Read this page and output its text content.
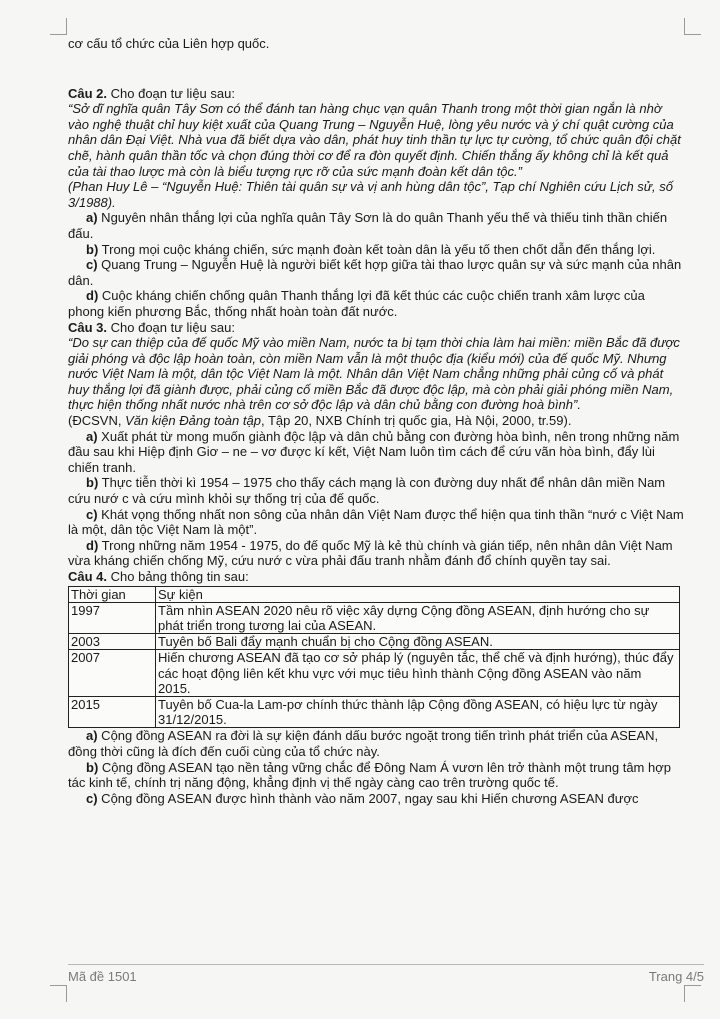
cơ cấu tổ chức của Liên hợp quốc.

Câu 2. Cho đoạn tư liệu sau:

“Sở dĩ nghĩa quân Tây Sơn có thể đánh tan hàng chục vạn quân Thanh trong một thời gian ngắn là nhờ vào nghệ thuật chỉ huy kiệt xuất của Quang Trung – Nguyễn Huệ, lòng yêu nước và ý chí quật cường của nhân dân Đại Việt. Nhà vua đã biết dựa vào dân, phát huy tinh thần tự lực tự cường, tổ chức quân đội chặt chẽ, hành quân thần tốc và chọn đúng thời cơ để ra đòn quyết định. Chiến thắng ấy không chỉ là kết quả của tài thao lược mà còn là biểu tượng rực rỡ của sức mạnh đoàn kết dân tộc.”

(Phan Huy Lê – “Nguyễn Huệ: Thiên tài quân sự và vị anh hùng dân tộc”, Tạp chí Nghiên cứu Lịch sử, số 3/1988).

a) Nguyên nhân thắng lợi của nghĩa quân Tây Sơn là do quân Thanh yếu thế và thiếu tinh thần chiến đấu.

b) Trong mọi cuộc kháng chiến, sức mạnh đoàn kết toàn dân là yếu tố then chốt dẫn đến thắng lợi.

c) Quang Trung – Nguyễn Huệ là người biết kết hợp giữa tài thao lược quân sự và sức mạnh của nhân dân.

d) Cuộc kháng chiến chống quân Thanh thắng lợi đã kết thúc các cuộc chiến tranh xâm lược của phong kiến phương Bắc, thống nhất hoàn toàn đất nước.

Câu 3. Cho đoạn tư liệu sau:

“Do sự can thiệp của đế quốc Mỹ vào miền Nam, nước ta bị tạm thời chia làm hai miền: miền Bắc đã được giải phóng và độc lập hoàn toàn, còn miền Nam vẫn là một thuộc địa (kiểu mới) của đế quốc Mỹ. Nhưng nước Việt Nam là một, dân tộc Việt Nam là một. Nhân dân Việt Nam chẳng những phải củng cố và phát huy thắng lợi đã giành được, phải củng cố miền Bắc đã được độc lập, mà còn phải giải phóng miền Nam, thực hiện thống nhất nước nhà trên cơ sở độc lập và dân chủ bằng con đường hoà bình”.

(ĐCSVN, Văn kiện Đảng toàn tập, Tập 20, NXB Chính trị quốc gia, Hà Nội, 2000, tr.59).

a) Xuất phát từ mong muốn giành độc lập và dân chủ bằng con đường hòa bình, nên trong những năm đầu sau khi Hiệp định Giơ – ne – vơ được kí kết, Việt Nam luôn tìm cách để cứu vãn hòa bình, đẩy lùi chiến tranh.

b) Thực tiễn thời kì 1954 – 1975 cho thấy cách mạng là con đường duy nhất để nhân dân miền Nam cứu nướ c và cứu mình khỏi sự thống trị của đế quốc.

c) Khát vọng thống nhất non sông của nhân dân Việt Nam được thể hiện qua tinh thần “nướ c Việt Nam là một, dân tộc Việt Nam là một”.

d) Trong những năm 1954 - 1975, do đế quốc Mỹ là kẻ thù chính và gián tiếp, nên nhân dân Việt Nam vừa kháng chiến chống Mỹ, cứu nướ c vừa phải đấu tranh nhằm đánh đổ chính quyền tay sai.

Câu 4. Cho bảng thông tin sau:

Thời gian	Sự kiện
1997	Tầm nhìn ASEAN 2020 nêu rõ việc xây dựng Cộng đồng ASEAN, định hướng cho sự phát triển trong tương lai của ASEAN.
2003	Tuyên bố Bali đẩy mạnh chuẩn bị cho Cộng đồng ASEAN.
2007	Hiến chương ASEAN đã tạo cơ sở pháp lý (nguyên tắc, thể chế và định hướng), thúc đẩy các hoạt động liên kết khu vực với mục tiêu hình thành Cộng đồng ASEAN vào năm 2015.
2015	Tuyên bố Cua-la Lam-pơ chính thức thành lập Cộng đồng ASEAN, có hiệu lực từ ngày 31/12/2015.

a) Cộng đồng ASEAN ra đời là sự kiện đánh dấu bước ngoặt trong tiến trình phát triển của ASEAN, đồng thời cũng là đích đến cuối cùng của tổ chức này.

b) Cộng đồng ASEAN tạo nền tảng vững chắc để Đông Nam Á vươn lên trở thành một trung tâm hợp tác kinh tế, chính trị năng động, khẳng định vị thế ngày càng cao trên trường quốc tế.

c) Cộng đồng ASEAN được hình thành vào năm 2007, ngay sau khi Hiến chương ASEAN được

Mã đề 1501	Trang 4/5
